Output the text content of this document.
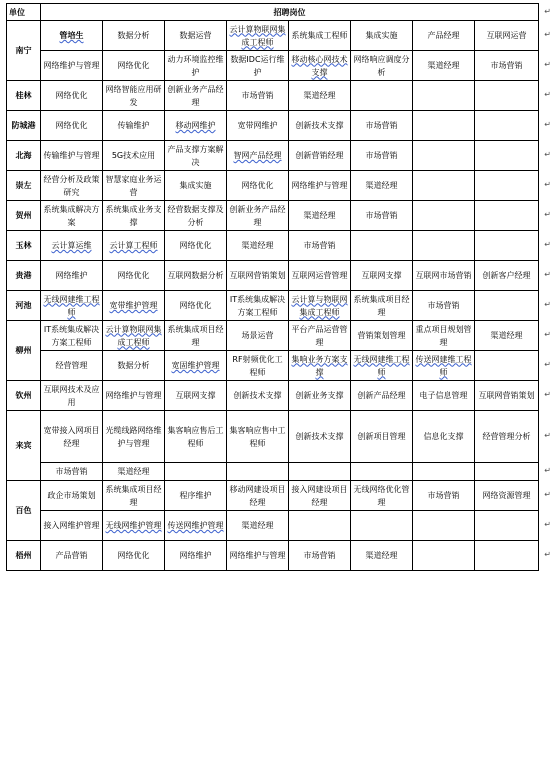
单位	招聘岗位							
南宁	管培生	数据分析	数据运营	云计算物联网集成工程师	系统集成工程师	集成实施	产品经理	互联网运营
	网络维护与管理	网络优化	动力环境监控维护	数据IDC运行维护	移动核心网技术支撑	网络响应调度分析	渠道经理	市场营销
桂林	网络优化	网络智能应用研发	创新业务产品经理	市场营销	渠道经理			
防城港	网络优化	传输维护	移动网维护	宽带网维护	创新技术支撑	市场营销		
北海	传输维护与管理	5G技术应用	产品支撑方案解决	智网产品经理	创新营销经理	市场营销		
崇左	经营分析及政策研究	智慧家庭业务运营	集成实施	网络优化	网络维护与管理	渠道经理		
贺州	系统集成解决方案	系统集成业务支撑	经营数据支撑及分析	创新业务产品经理	渠道经理	市场营销		
玉林	云计算运维	云计算工程师	网络优化	渠道经理	市场营销			
贵港	网络维护	网络优化	互联网数据分析	互联网营销策划	互联网运营管理	互联网支撑	互联网市场营销	创新客户经理
河池	无线网建维工程师	宽带维护管理	网络优化	IT系统集成解决方案工程师	云计算与物联网集成工程师	系统集成项目经理	市场营销	
柳州	IT系统集成解决方案工程师	云计算物联网集成工程师	系统集成项目经理	场景运营	平台产品运营管理	营销策划管理	重点项目规划管理	渠道经理
	经营管理	数据分析	宽固维护管理	RF射频优化工程师	集响业务方案支撑	无线网建维工程师	传送网建维工程师	
钦州	互联网技术及应用	网络维护与管理	互联网支撑	创新技术支撑	创新业务支撑	创新产品经理	电子信息管理	互联网营销策划
来宾	宽带接入网项目经理	光缆线路网络维护与管理	集客响应售后工程师	集客响应售中工程师	创新技术支撑	创新项目管理	信息化支撑	经营管理分析
	市场营销	渠道经理						
百色	政企市场策划	系统集成项目经理	程序维护	移动网建设项目经理	接入网建设项目经理	无线网络优化管理	市场营销	网络资源管理
	接入网维护管理	无线网维护管理	传送网维护管理	渠道经理				
梧州	产品营销	网络优化	网络维护	网络维护与管理	市场营销	渠道经理		
↵
↵
↵
↵
↵
↵
↵
↵
↵
↵
↵
↵
↵
↵
↵
↵
↵
↵
↵
